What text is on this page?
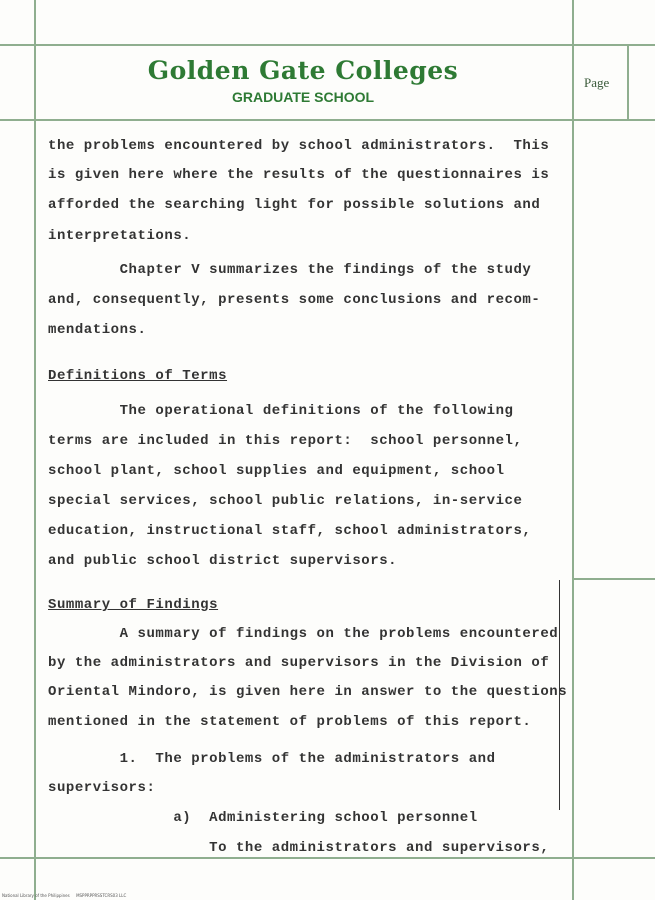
Golden Gate Colleges
GRADUATE SCHOOL
Page
the problems encountered by school administrators.  This
is given here where the results of the questionnaires is
afforded the searching light for possible solutions and
interpretations.
Chapter V summarizes the findings of the study
and, consequently, presents some conclusions and recom-
mendations.
Definitions of Terms
The operational definitions of the following
terms are included in this report:  school personnel,
school plant, school supplies and equipment, school
special services, school public relations, in-service
education, instructional staff, school administrators,
and public school district supervisors.
Summary of Findings
A summary of findings on the problems encountered
by the administrators and supervisors in the Division of
Oriental Mindoro, is given here in answer to the questions
mentioned in the statement of problems of this report.
1.  The problems of the administrators and
supervisors:
a)  Administering school personnel
To the administrators and supervisors,
National Library of the Philippines     MSPPRPPRSSTCRS03 LLC
